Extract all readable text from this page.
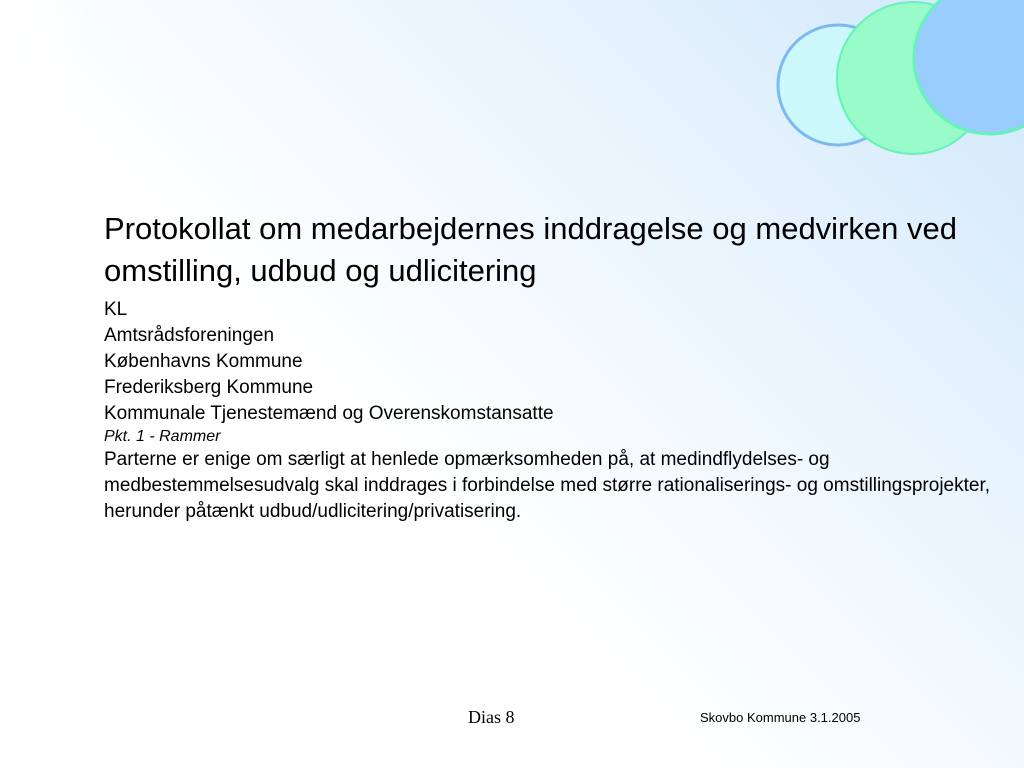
Protokollat om medarbejdernes inddragelse og medvirken ved omstilling, udbud og udlicitering
KL
Amtsrådsforeningen
Københavns Kommune
Frederiksberg Kommune
Kommunale Tjenestemænd og Overenskomstansatte
Pkt. 1 - Rammer

Parterne er enige om særligt at henlede opmærksomheden på, at medindflydelses- og medbestemmelsesudvalg skal inddrages i forbindelse med større rationaliserings- og omstillingsprojekter, herunder påtænkt udbud/udlicitering/privatisering.

Dias 8	Skovbo Kommune 3.1.2005
